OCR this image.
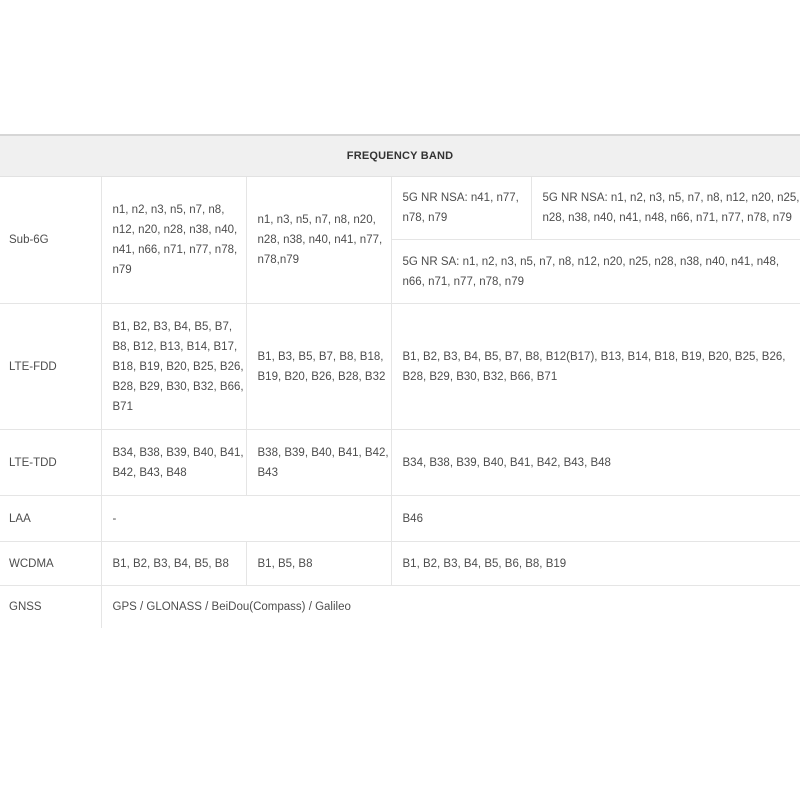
FREQUENCY BAND				
Sub-6G	n1, n2, n3, n5, n7, n8, n12, n20, n28, n38, n40, n41, n66, n71, n77, n78, n79	n1, n3, n5, n7, n8, n20, n28, n38, n40, n41, n77, n78,n79	5G NR NSA: n41, n77, n78, n79	5G NR NSA: n1, n2, n3, n5, n7, n8, n12, n20, n25, n28, n38, n40, n41, n48, n66, n71, n77, n78, n79
			5G NR SA: n1, n2, n3, n5, n7, n8, n12, n20, n25, n28, n38, n40, n41, n48, n66, n71, n77, n78, n79	
LTE-FDD	B1, B2, B3, B4, B5, B7, B8, B12, B13, B14, B17, B18, B19, B20, B25, B26, B28, B29, B30, B32, B66, B71	B1, B3, B5, B7, B8, B18, B19, B20, B26, B28, B32	B1, B2, B3, B4, B5, B7, B8, B12(B17), B13, B14, B18, B19, B20, B25, B26, B28, B29, B30, B32, B66, B71	
LTE-TDD	B34, B38, B39, B40, B41, B42, B43, B48	B38, B39, B40, B41, B42, B43	B34, B38, B39, B40, B41, B42, B43, B48	
LAA	-		B46	
WCDMA	B1, B2, B3, B4, B5, B8	B1, B5, B8	B1, B2, B3, B4, B5, B6, B8, B19	
GNSS	GPS / GLONASS / BeiDou(Compass) / Galileo			
